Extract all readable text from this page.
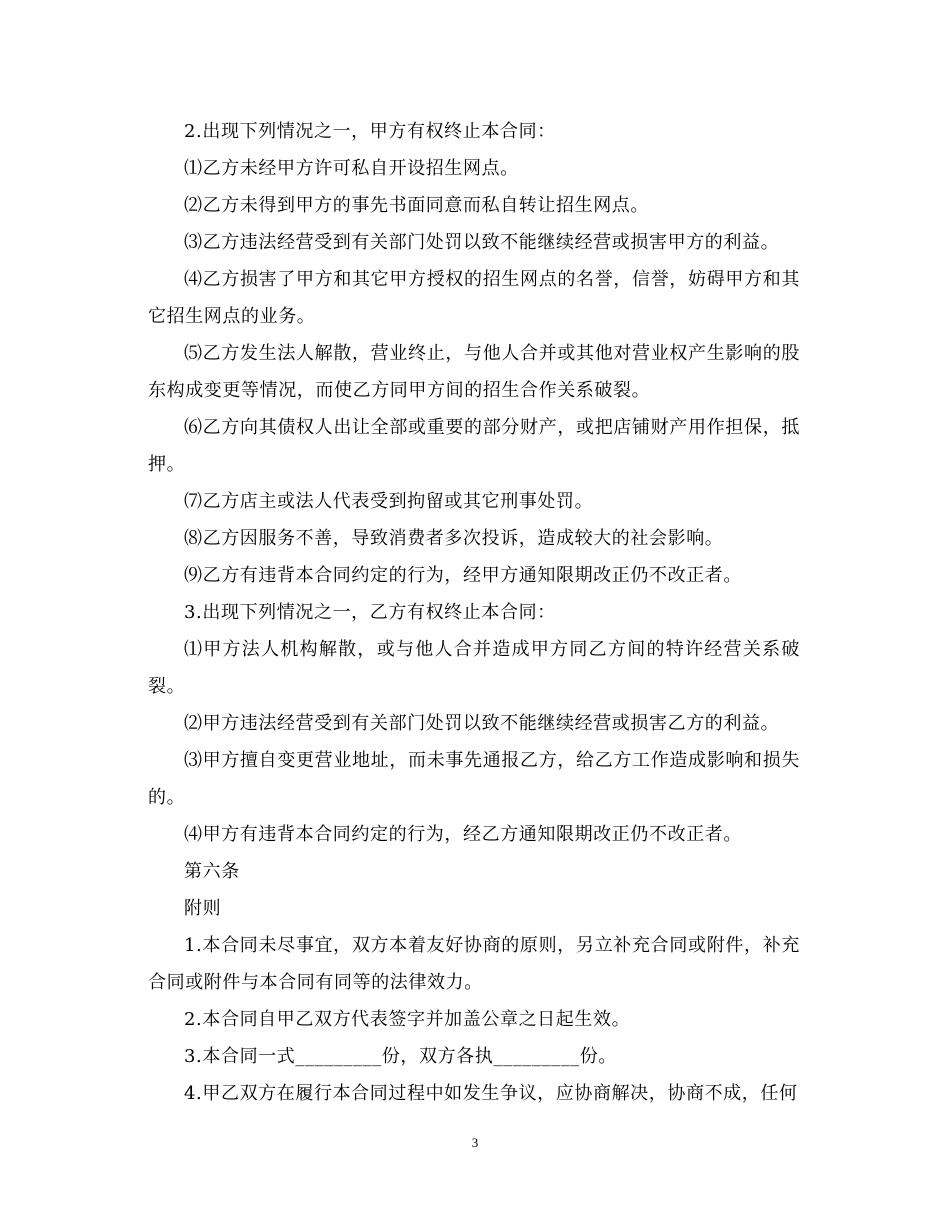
2.出现下列情况之一，甲方有权终止本合同：

⑴乙方未经甲方许可私自开设招生网点。

⑵乙方未得到甲方的事先书面同意而私自转让招生网点。

⑶乙方违法经营受到有关部门处罚以致不能继续经营或损害甲方的利益。

⑷乙方损害了甲方和其它甲方授权的招生网点的名誉，信誉，妨碍甲方和其它招生网点的业务。

⑸乙方发生法人解散，营业终止，与他人合并或其他对营业权产生影响的股东构成变更等情况，而使乙方同甲方间的招生合作关系破裂。

⑹乙方向其债权人出让全部或重要的部分财产，或把店铺财产用作担保，抵押。

⑺乙方店主或法人代表受到拘留或其它刑事处罚。

⑻乙方因服务不善，导致消费者多次投诉，造成较大的社会影响。

⑼乙方有违背本合同约定的行为，经甲方通知限期改正仍不改正者。

3.出现下列情况之一，乙方有权终止本合同：

⑴甲方法人机构解散，或与他人合并造成甲方同乙方间的特许经营关系破裂。

⑵甲方违法经营受到有关部门处罚以致不能继续经营或损害乙方的利益。

⑶甲方擅自变更营业地址，而未事先通报乙方，给乙方工作造成影响和损失的。

⑷甲方有违背本合同约定的行为，经乙方通知限期改正仍不改正者。

第六条

附则

1.本合同未尽事宜，双方本着友好协商的原则，另立补充合同或附件，补充合同或附件与本合同有同等的法律效力。

2.本合同自甲乙双方代表签字并加盖公章之日起生效。

3.本合同一式_________份，双方各执_________份。

4.甲乙双方在履行本合同过程中如发生争议，应协商解决，协商不成，任何

3
